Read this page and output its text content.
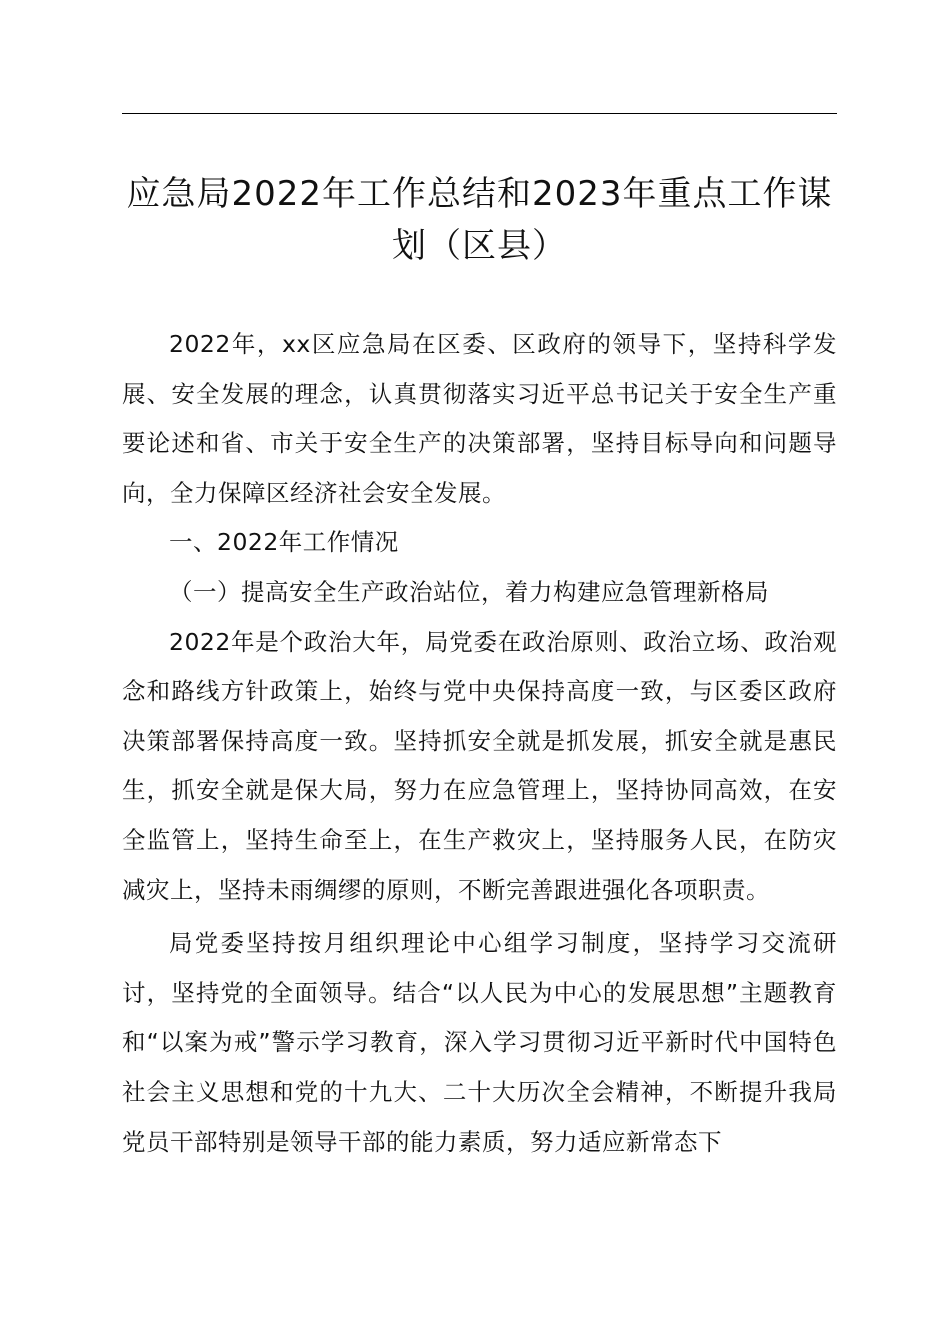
应急局2022年工作总结和2023年重点工作谋划（区县）

2022年，xx区应急局在区委、区政府的领导下，坚持科学发展、安全发展的理念，认真贯彻落实习近平总书记关于安全生产重要论述和省、市关于安全生产的决策部署，坚持目标导向和问题导向，全力保障区经济社会安全发展。

一、2022年工作情况

（一）提高安全生产政治站位，着力构建应急管理新格局

2022年是个政治大年，局党委在政治原则、政治立场、政治观念和路线方针政策上，始终与党中央保持高度一致，与区委区政府决策部署保持高度一致。坚持抓安全就是抓发展，抓安全就是惠民生，抓安全就是保大局，努力在应急管理上，坚持协同高效，在安全监管上，坚持生命至上，在生产救灾上，坚持服务人民，在防灾减灾上，坚持未雨绸缪的原则，不断完善跟进强化各项职责。

局党委坚持按月组织理论中心组学习制度，坚持学习交流研讨，坚持党的全面领导。结合“以人民为中心的发展思想”主题教育和“以案为戒”警示学习教育，深入学习贯彻习近平新时代中国特色社会主义思想和党的十九大、二十大历次全会精神，不断提升我局党员干部特别是领导干部的能力素质，努力适应新常态下
